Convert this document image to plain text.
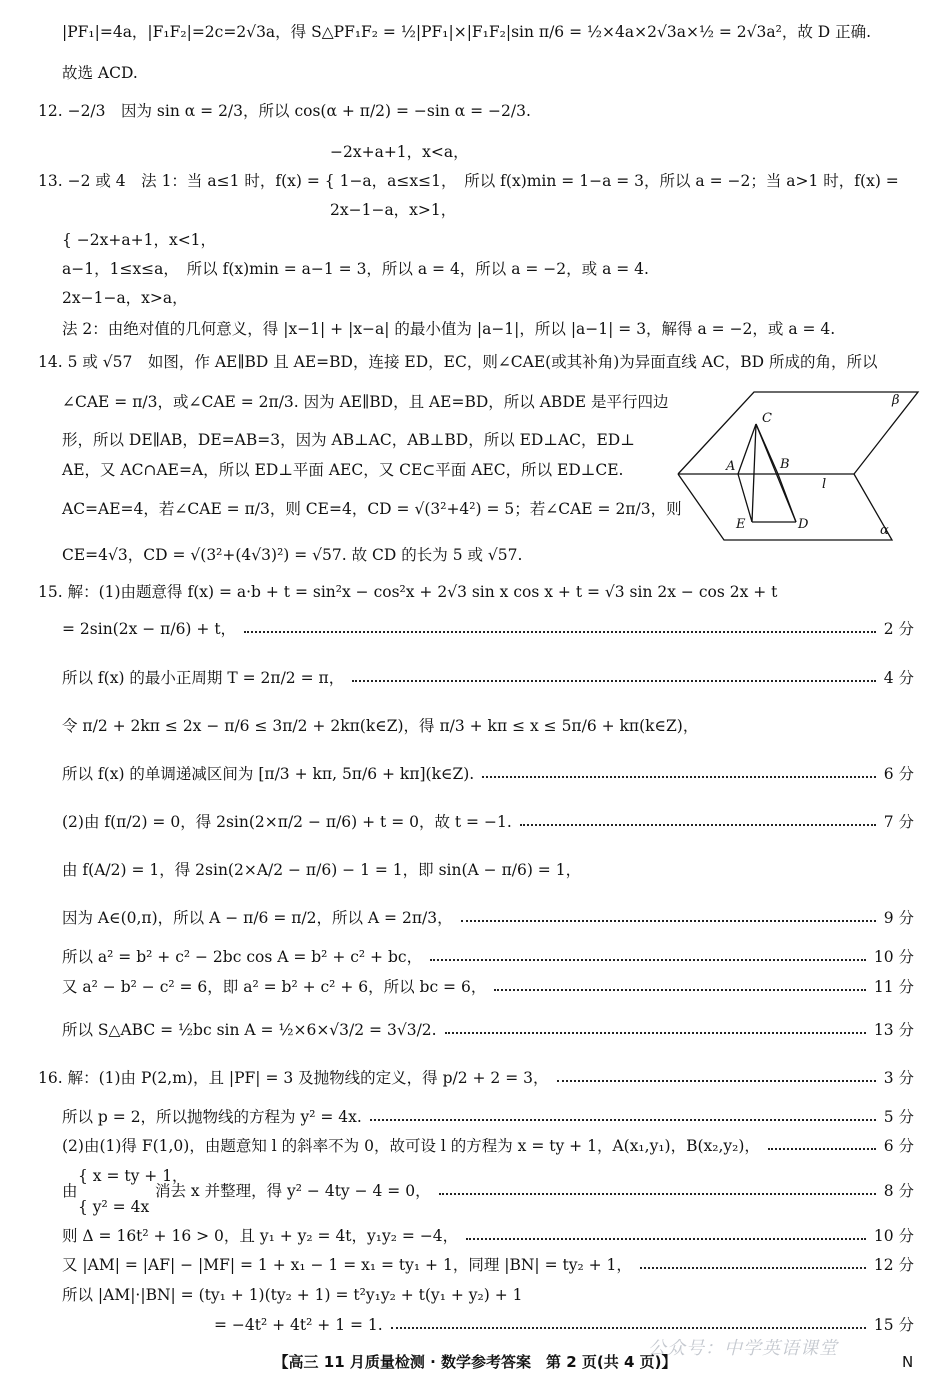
|PF₁|=4a，|F₁F₂|=2c=2√3a，得 S△PF₁F₂ = ½|PF₁|×|F₁F₂|sin π/6 = ½×4a×2√3a×½ = 2√3a²，故 D 正确.
故选 ACD.
12. −2/3　因为 sin α = 2/3，所以 cos(α + π/2) = −sin α = −2/3.
−2x+a+1，x<a，
13. −2 或 4　法 1：当 a≤1 时，f(x) = { 1−a，a≤x≤1，　所以 f(x)min = 1−a = 3，所以 a = −2；当 a>1 时，f(x) =
2x−1−a，x>1，
{ −2x+a+1，x<1，
a−1，1≤x≤a，　所以 f(x)min = a−1 = 3，所以 a = 4，所以 a = −2，或 a = 4.
2x−1−a，x>a，
法 2：由绝对值的几何意义，得 |x−1| + |x−a| 的最小值为 |a−1|，所以 |a−1| = 3，解得 a = −2，或 a = 4.
14. 5 或 √57　如图，作 AE∥BD 且 AE=BD，连接 ED，EC，则∠CAE(或其补角)为异面直线 AC，BD 所成的角，所以
∠CAE = π/3，或∠CAE = 2π/3. 因为 AE∥BD，且 AE=BD，所以 ABDE 是平行四边
形，所以 DE∥AB，DE=AB=3，因为 AB⊥AC，AB⊥BD，所以 ED⊥AC，ED⊥
AE，又 AC∩AE=A，所以 ED⊥平面 AEC，又 CE⊂平面 AEC，所以 ED⊥CE.
AC=AE=4，若∠CAE = π/3，则 CE=4，CD = √(3²+4²) = 5；若∠CAE = 2π/3，则
CE=4√3，CD = √(3²+(4√3)²) = √57. 故 CD 的长为 5 或 √57.
β
α
l
A	B
C
D
E
15. 解：(1)由题意得 f(x) = a·b + t = sin²x − cos²x + 2√3 sin x cos x + t = √3 sin 2x − cos 2x + t
= 2sin(2x − π/6) + t，	2 分
所以 f(x) 的最小正周期 T = 2π/2 = π，	4 分
令 π/2 + 2kπ ≤ 2x − π/6 ≤ 3π/2 + 2kπ(k∈Z)，得 π/3 + kπ ≤ x ≤ 5π/6 + kπ(k∈Z)，
所以 f(x) 的单调递减区间为 [π/3 + kπ, 5π/6 + kπ](k∈Z).	6 分
(2)由 f(π/2) = 0，得 2sin(2×π/2 − π/6) + t = 0，故 t = −1.	7 分
由 f(A/2) = 1，得 2sin(2×A/2 − π/6) − 1 = 1，即 sin(A − π/6) = 1，
因为 A∈(0,π)，所以 A − π/6 = π/2，所以 A = 2π/3，	9 分
所以 a² = b² + c² − 2bc cos A = b² + c² + bc，	10 分
又 a² − b² − c² = 6，即 a² = b² + c² + 6，所以 bc = 6，	11 分
所以 S△ABC = ½bc sin A = ½×6×√3/2 = 3√3/2.	13 分
16. 解：(1)由 P(2,m)，且 |PF| = 3 及抛物线的定义，得 p/2 + 2 = 3，	3 分
所以 p = 2，所以抛物线的方程为 y² = 4x.	5 分
(2)由(1)得 F(1,0)，由题意知 l 的斜率不为 0，故可设 l 的方程为 x = ty + 1，A(x₁,y₁)，B(x₂,y₂)，	6 分
{ x = ty + 1，
由　　　　　消去 x 并整理，得 y² − 4ty − 4 = 0，	8 分
{ y² = 4x
则 Δ = 16t² + 16 > 0，且 y₁ + y₂ = 4t，y₁y₂ = −4，	10 分
又 |AM| = |AF| − |MF| = 1 + x₁ − 1 = x₁ = ty₁ + 1，同理 |BN| = ty₂ + 1，	12 分
所以 |AM|·|BN| = (ty₁ + 1)(ty₂ + 1) = t²y₁y₂ + t(y₁ + y₂) + 1
= −4t² + 4t² + 1 = 1.	15 分
公众号：中学英语课堂
【高三 11 月质量检测 · 数学参考答案　第 2 页(共 4 页)】	N
